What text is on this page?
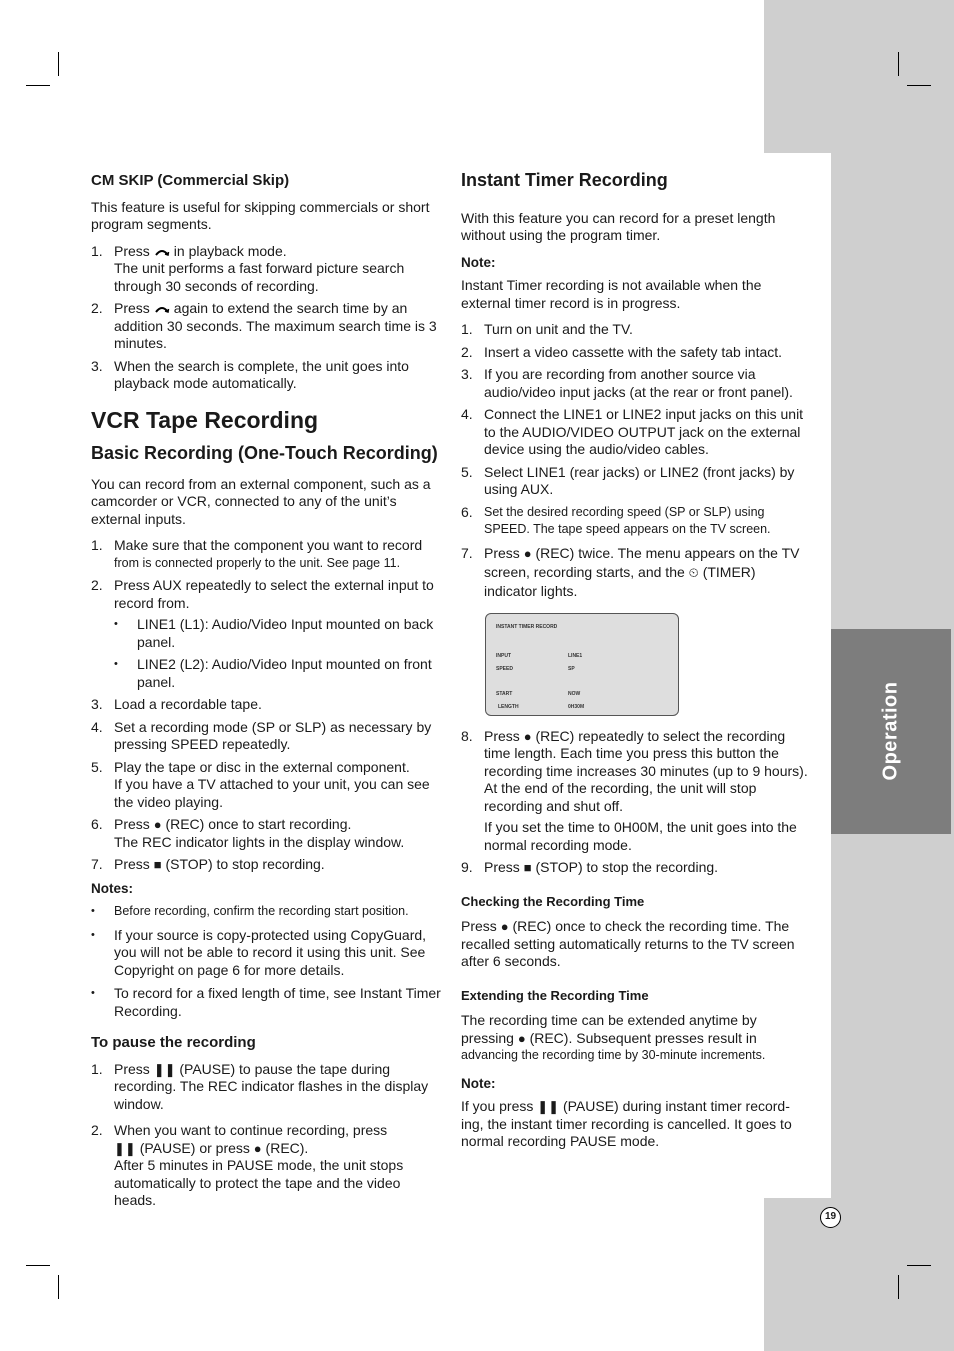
Operation
19
CM SKIP (Commercial Skip)

This feature is useful for skipping commercials or short program segments.

1. Press in playback mode.
The unit performs a fast forward picture search through 30 seconds of recording.
2. Press again to extend the search time by an addition 30 seconds. The maximum search time is 3 minutes.
3. When the search is complete, the unit goes into playback mode automatically.
VCR Tape Recording
Basic Recording (One-Touch Recording)

You can record from an external component, such as a camcorder or VCR, connected to any of the unit’s external inputs.

1. Make sure that the component you want to record
from is connected properly to the unit. See page 11.
2. Press AUX repeatedly to select the external input to record from.
• LINE1 (L1): Audio/Video Input mounted on back panel.
• LINE2 (L2): Audio/Video Input mounted on front panel.
3. Load a recordable tape.
4. Set a recording mode (SP or SLP) as necessary by pressing SPEED repeatedly.
5. Play the tape or disc in the external component.
If you have a TV attached to your unit, you can see the video playing.
6. Press ● (REC) once to start recording.
The REC indicator lights in the display window.
7. Press ■ (STOP) to stop recording.
Notes:
• Before recording, confirm the recording start position.
• If your source is copy-protected using CopyGuard, you will not be able to record it using this unit. See Copyright on page 6 for more details.
• To record for a fixed length of time, see Instant Timer Recording.
To pause the recording
1. Press ❚❚ (PAUSE) to pause the tape during recording. The REC indicator flashes in the display window.
2. When you want to continue recording, press
❚❚ (PAUSE) or press ● (REC).
After 5 minutes in PAUSE mode, the unit stops automatically to protect the tape and the video heads.
Instant Timer Recording

With this feature you can record for a preset length without using the program timer.

Note:

Instant Timer recording is not available when the external timer record is in progress.

1. Turn on unit and the TV.
2. Insert a video cassette with the safety tab intact.
3. If you are recording from another source via audio/video input jacks (at the rear or front panel).
4. Connect the LINE1 or LINE2 input jacks on this unit to the AUDIO/VIDEO OUTPUT jack on the external device using the audio/video cables.
5. Select LINE1 (rear jacks) or LINE2 (front jacks) by using AUX.
6. Set the desired recording speed (SP or SLP) using SPEED. The tape speed appears on the TV screen.
7. Press ● (REC) twice. The menu appears on the TV screen, recording starts, and the ⏲ (TIMER) indicator lights.
INSTANT TIMER RECORD
INPUT	LINE1
SPEED	SP
START	NOW
LENGTH	0H30M
8. Press ● (REC) repeatedly to select the recording time length. Each time you press this button the recording time increases 30 minutes (up to 9 hours). At the end of the recording, the unit will stop recording and shut off.
If you set the time to 0H00M, the unit goes into the normal recording mode.
9. Press ■ (STOP) to stop the recording.
Checking the Recording Time

Press ● (REC) once to check the recording time. The recalled setting automatically returns to the TV screen after 6 seconds.

Extending the Recording Time

The recording time can be extended anytime by pressing ● (REC). Subsequent presses result in
advancing the recording time by 30-minute increments.

Note:

If you press ❚❚ (PAUSE) during instant timer record-ing, the instant timer recording is cancelled. It goes to normal recording PAUSE mode.
